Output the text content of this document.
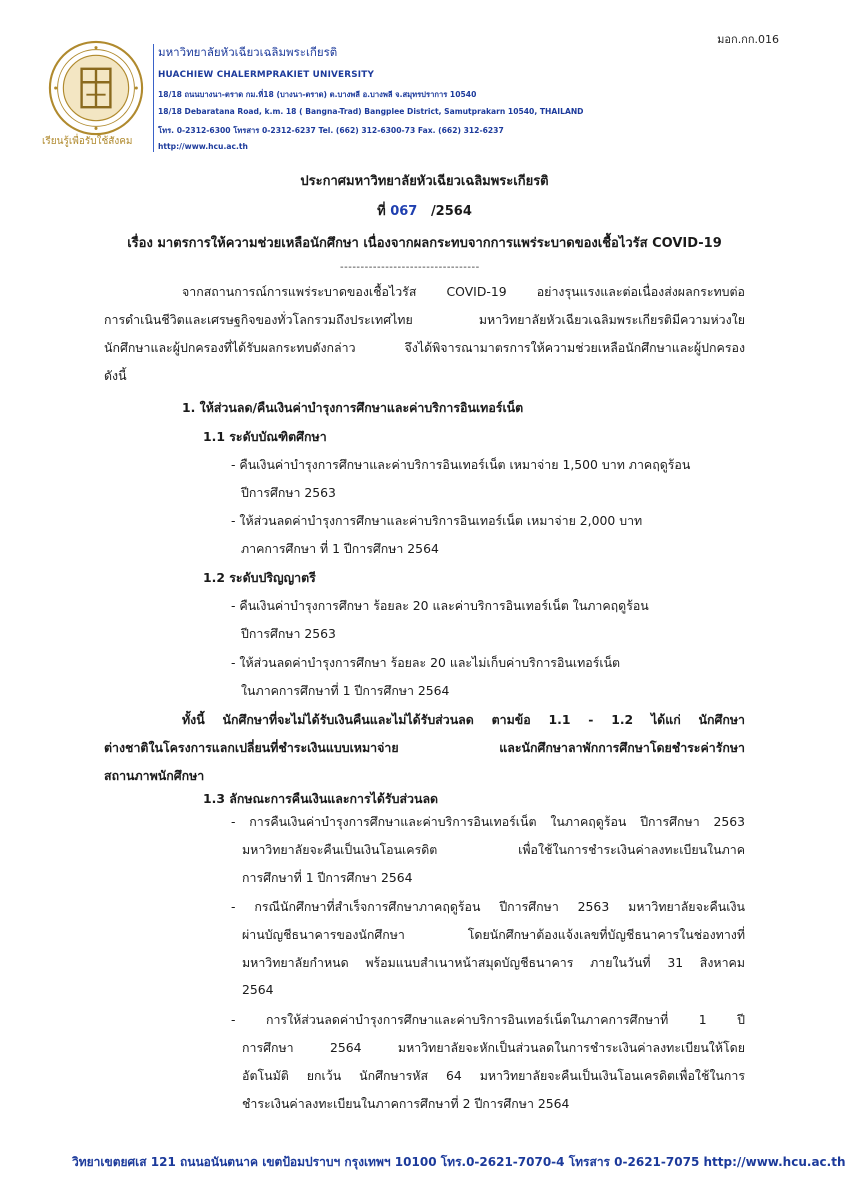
มอก.กก.016
เรียนรู้เพื่อรับใช้สังคม
มหาวิทยาลัยหัวเฉียวเฉลิมพระเกียรติ
HUACHIEW CHALERMPRAKIET UNIVERSITY
18/18 ถนนบางนา-ตราด กม.ที่18 (บางนา-ตราด) ต.บางพลี อ.บางพลี จ.สมุทรปราการ 10540
18/18 Debaratana Road, k.m. 18 ( Bangna-Trad) Bangplee District, Samutprakarn 10540, THAILAND
โทร. 0-2312-6300 โทรสาร 0-2312-6237 Tel. (662) 312-6300-73 Fax. (662) 312-6237
http://www.hcu.ac.th
ประกาศมหาวิทยาลัยหัวเฉียวเฉลิมพระเกียรติ
ที่ 067 /2564
เรื่อง มาตรการให้ความช่วยเหลือนักศึกษา เนื่องจากผลกระทบจากการแพร่ระบาดของเชื้อไวรัส COVID-19
----------------------------------
จากสถานการณ์การแพร่ระบาดของเชื้อไวรัส COVID-19 อย่างรุนแรงและต่อเนื่องส่งผลกระทบต่อ
การดำเนินชีวิตและเศรษฐกิจของทั่วโลกรวมถึงประเทศไทย มหาวิทยาลัยหัวเฉียวเฉลิมพระเกียรติมีความห่วงใย
นักศึกษาและผู้ปกครองที่ได้รับผลกระทบดังกล่าว จึงได้พิจารณามาตรการให้ความช่วยเหลือนักศึกษาและผู้ปกครอง
ดังนี้
1. ให้ส่วนลด/คืนเงินค่าบำรุงการศึกษาและค่าบริการอินเทอร์เน็ต
1.1 ระดับบัณฑิตศึกษา
- คืนเงินค่าบำรุงการศึกษาและค่าบริการอินเทอร์เน็ต เหมาจ่าย 1,500 บาท ภาคฤดูร้อน
ปีการศึกษา 2563
- ให้ส่วนลดค่าบำรุงการศึกษาและค่าบริการอินเทอร์เน็ต เหมาจ่าย 2,000 บาท
ภาคการศึกษา ที่ 1 ปีการศึกษา 2564
1.2 ระดับปริญญาตรี
- คืนเงินค่าบำรุงการศึกษา ร้อยละ 20 และค่าบริการอินเทอร์เน็ต ในภาคฤดูร้อน
ปีการศึกษา 2563
- ให้ส่วนลดค่าบำรุงการศึกษา ร้อยละ 20 และไม่เก็บค่าบริการอินเทอร์เน็ต
ในภาคการศึกษาที่ 1 ปีการศึกษา 2564
ทั้งนี้ นักศึกษาที่จะไม่ได้รับเงินคืนและไม่ได้รับส่วนลด ตามข้อ 1.1 - 1.2 ได้แก่ นักศึกษา
ต่างชาติในโครงการแลกเปลี่ยนที่ชำระเงินแบบเหมาจ่าย และนักศึกษาลาพักการศึกษาโดยชำระค่ารักษา
สถานภาพนักศึกษา
1.3 ลักษณะการคืนเงินและการได้รับส่วนลด
- การคืนเงินค่าบำรุงการศึกษาและค่าบริการอินเทอร์เน็ต ในภาคฤดูร้อน ปีการศึกษา 2563
มหาวิทยาลัยจะคืนเป็นเงินโอนเครดิต เพื่อใช้ในการชำระเงินค่าลงทะเบียนในภาค
การศึกษาที่ 1 ปีการศึกษา 2564
- กรณีนักศึกษาที่สำเร็จการศึกษาภาคฤดูร้อน ปีการศึกษา 2563 มหาวิทยาลัยจะคืนเงิน
ผ่านบัญชีธนาคารของนักศึกษา โดยนักศึกษาต้องแจ้งเลขที่บัญชีธนาคารในช่องทางที่
มหาวิทยาลัยกำหนด พร้อมแนบสำเนาหน้าสมุดบัญชีธนาคาร ภายในวันที่ 31 สิงหาคม
2564
- การให้ส่วนลดค่าบำรุงการศึกษาและค่าบริการอินเทอร์เน็ตในภาคการศึกษาที่ 1 ปี
การศึกษา 2564 มหาวิทยาลัยจะหักเป็นส่วนลดในการชำระเงินค่าลงทะเบียนให้โดย
อัตโนมัติ ยกเว้น นักศึกษารหัส 64 มหาวิทยาลัยจะคืนเป็นเงินโอนเครดิตเพื่อใช้ในการ
ชำระเงินค่าลงทะเบียนในภาคการศึกษาที่ 2 ปีการศึกษา 2564
วิทยาเขตยศเส 121 ถนนอนันตนาค เขตป้อมปราบฯ กรุงเทพฯ 10100 โทร.0-2621-7070-4 โทรสาร 0-2621-7075 http://www.hcu.ac.th
